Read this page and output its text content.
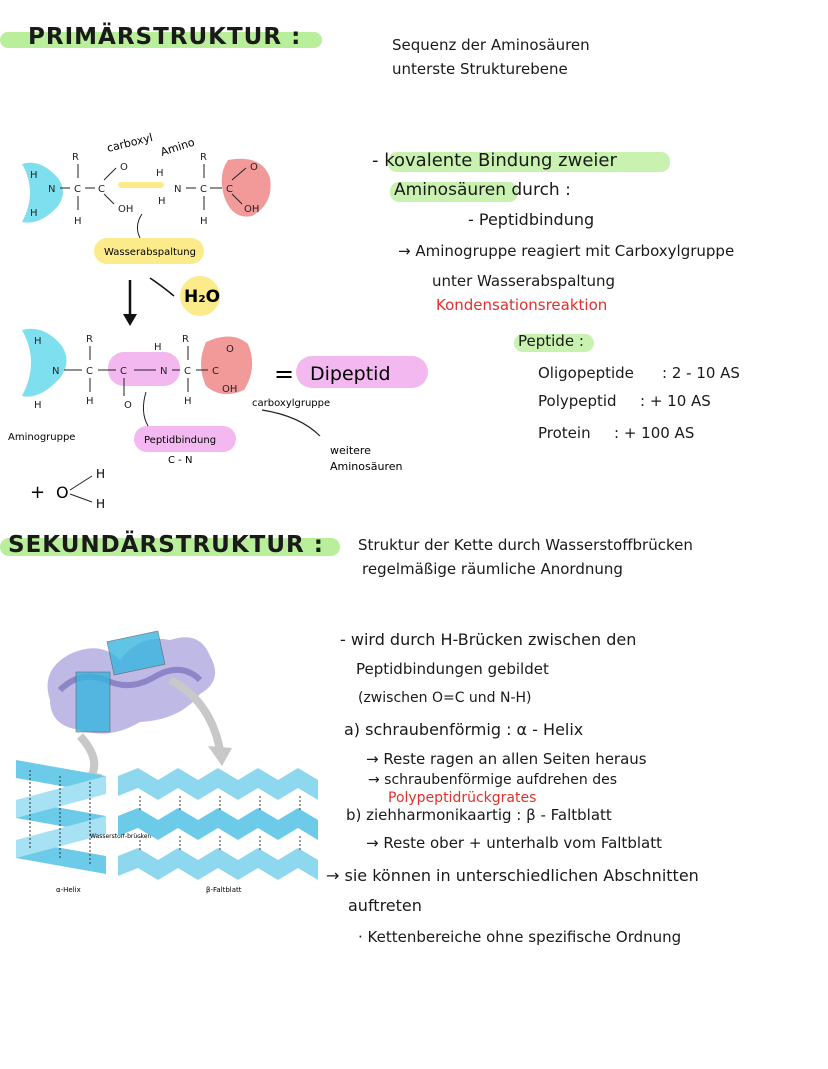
PRIMÄRSTRUKTUR :	Sequenz der Aminosäuren
unterste Strukturebene
- kovalente Bindung zweier
Aminosäuren durch :
- Peptidbindung
→ Aminogruppe reagiert mit Carboxylgruppe
unter Wasserabspaltung
Kondensationsreaktion
Peptide :
Oligopeptide : 2 - 10 AS
Polypeptid : + 10 AS
Protein : + 100 AS
H
H
N
R
C
H
C
O
OH
H
N
H
R
C
H
C
O
OH
carboxyl Amino
Wasserabspaltung
H₂O
H
H
N
R
C
H
C
O
H
N
R
C
H
C
O
OH
= Dipeptid
carboxylgruppe
weitere
Aminosäuren
Aminogruppe	Peptidbindung
C - N
+ O
H
H
SEKUNDÄRSTRUKTUR : Struktur der Kette durch Wasserstoffbrücken
regelmäßige räumliche Anordnung
- wird durch H-Brücken zwischen den
Peptidbindungen gebildet
(zwischen O=C und N-H)
a) schraubenförmig : α - Helix
→ Reste ragen an allen Seiten heraus
→ schraubenförmige aufdrehen des
Polypeptidrückgrates
b) ziehharmonikaartig : β - Faltblatt
→ Reste ober + unterhalb vom Faltblatt
→ sie können in unterschiedlichen Abschnitten
auftreten
· Kettenbereiche ohne spezifische Ordnung
α-Helix
Wasserstoff-brücken
β-Faltblatt
